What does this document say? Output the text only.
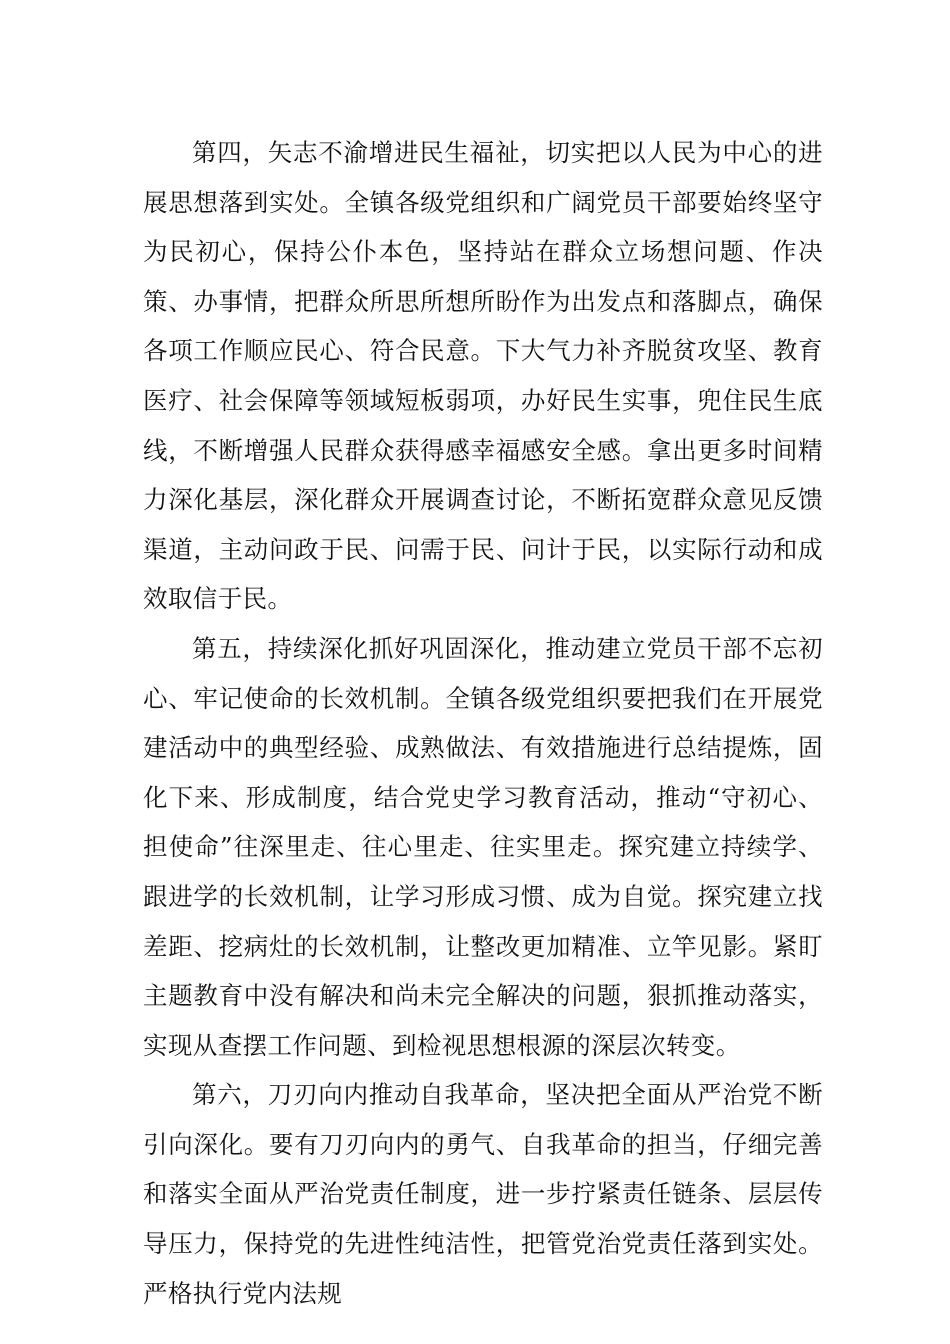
第四，矢志不渝增进民生福祉，切实把以人民为中心的进展思想落到实处。全镇各级党组织和广阔党员干部要始终坚守为民初心，保持公仆本色，坚持站在群众立场想问题、作决策、办事情，把群众所思所想所盼作为出发点和落脚点，确保各项工作顺应民心、符合民意。下大气力补齐脱贫攻坚、教育医疗、社会保障等领域短板弱项，办好民生实事，兜住民生底线，不断增强人民群众获得感幸福感安全感。拿出更多时间精力深化基层，深化群众开展调查讨论，不断拓宽群众意见反馈渠道，主动问政于民、问需于民、问计于民，以实际行动和成效取信于民。

第五，持续深化抓好巩固深化，推动建立党员干部不忘初心、牢记使命的长效机制。全镇各级党组织要把我们在开展党建活动中的典型经验、成熟做法、有效措施进行总结提炼，固化下来、形成制度，结合党史学习教育活动，推动“守初心、担使命”往深里走、往心里走、往实里走。探究建立持续学、跟进学的长效机制，让学习形成习惯、成为自觉。探究建立找差距、挖病灶的长效机制，让整改更加精准、立竿见影。紧盯主题教育中没有解决和尚未完全解决的问题，狠抓推动落实，实现从查摆工作问题、到检视思想根源的深层次转变。

第六，刀刃向内推动自我革命，坚决把全面从严治党不断引向深化。要有刀刃向内的勇气、自我革命的担当，仔细完善和落实全面从严治党责任制度，进一步拧紧责任链条、层层传导压力，保持党的先进性纯洁性，把管党治党责任落到实处。严格执行党内法规
